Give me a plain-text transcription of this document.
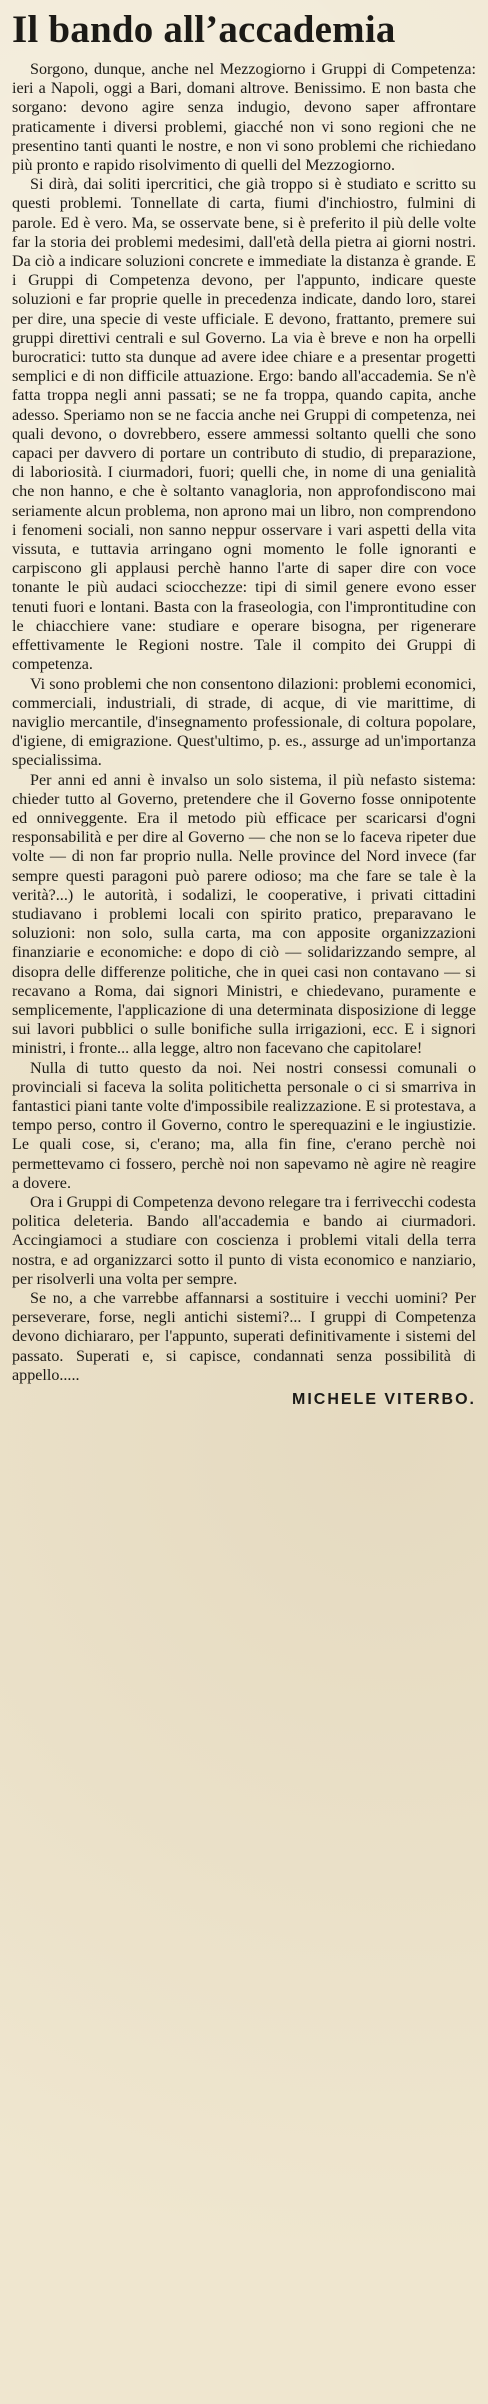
Il bando all’accademia

Sorgono, dunque, anche nel Mezzogiorno i Gruppi di Competenza: ieri a Napoli, oggi a Bari, domani altrove. Benissimo. E non basta che sorgano: devono agire senza indugio, devono saper affrontare praticamente i diversi problemi, giacché non vi sono regioni che ne presentino tanti quanti le nostre, e non vi sono problemi che richiedano più pronto e rapido risolvimento di quelli del Mezzogiorno.

Si dirà, dai soliti ipercritici, che già troppo si è studiato e scritto su questi problemi. Tonnellate di carta, fiumi d'inchiostro, fulmini di parole. Ed è vero. Ma, se osservate bene, si è preferito il più delle volte far la storia dei problemi medesimi, dall'età della pietra ai giorni nostri. Da ciò a indicare soluzioni concrete e immediate la distanza è grande. E i Gruppi di Competenza devono, per l'appunto, indicare queste soluzioni e far proprie quelle in precedenza indicate, dando loro, starei per dire, una specie di veste ufficiale. E devono, frattanto, premere sui gruppi direttivi centrali e sul Governo. La via è breve e non ha orpelli burocratici: tutto sta dunque ad avere idee chiare e a presentar progetti semplici e di non difficile attuazione. Ergo: bando all'accademia. Se n'è fatta troppa negli anni passati; se ne fa troppa, quando capita, anche adesso. Speriamo non se ne faccia anche nei Gruppi di competenza, nei quali devono, o dovrebbero, essere ammessi soltanto quelli che sono capaci per davvero di portare un contributo di studio, di preparazione, di laboriosità. I ciurmadori, fuori; quelli che, in nome di una genialità che non hanno, e che è soltanto vanagloria, non approfondiscono mai seriamente alcun problema, non aprono mai un libro, non comprendono i fenomeni sociali, non sanno neppur osservare i vari aspetti della vita vissuta, e tuttavia arringano ogni momento le folle ignoranti e carpiscono gli applausi perchè hanno l'arte di saper dire con voce tonante le più audaci sciocchezze: tipi di simil genere evono esser tenuti fuori e lontani. Basta con la fraseologia, con l'improntitudine con le chiacchiere vane: studiare e operare bisogna, per rigenerare effettivamente le Regioni nostre. Tale il compito dei Gruppi di competenza.

Vi sono problemi che non consentono dilazioni: problemi economici, commerciali, industriali, di strade, di acque, di vie marittime, di naviglio mercantile, d'insegnamento professionale, di coltura popolare, d'igiene, di emigrazione. Quest'ultimo, p. es., assurge ad un'importanza specialissima.

Per anni ed anni è invalso un solo sistema, il più nefasto sistema: chieder tutto al Governo, pretendere che il Governo fosse onnipotente ed onniveggente. Era il metodo più efficace per scaricarsi d'ogni responsabilità e per dire al Governo — che non se lo faceva ripeter due volte — di non far proprio nulla. Nelle province del Nord invece (far sempre questi paragoni può parere odioso; ma che fare se tale è la verità?...) le autorità, i sodalizi, le cooperative, i privati cittadini studiavano i problemi locali con spirito pratico, preparavano le soluzioni: non solo, sulla carta, ma con apposite organizzazioni finanziarie e economiche: e dopo di ciò — solidarizzando sempre, al disopra delle differenze politiche, che in quei casi non contavano — si recavano a Roma, dai signori Ministri, e chiedevano, puramente e semplicemente, l'applicazione di una determinata disposizione di legge sui lavori pubblici o sulle bonifiche sulla irrigazioni, ecc. E i signori ministri, i fronte... alla legge, altro non facevano che capitolare!

Nulla di tutto questo da noi. Nei nostri consessi comunali o provinciali si faceva la solita politichetta personale o ci si smarriva in fantastici piani tante volte d'impossibile realizzazione. E si protestava, a tempo perso, contro il Governo, contro le sperequazini e le ingiustizie. Le quali cose, si, c'erano; ma, alla fin fine, c'erano perchè noi permettevamo ci fossero, perchè noi non sapevamo nè agire nè reagire a dovere.

Ora i Gruppi di Competenza devono relegare tra i ferrivecchi codesta politica deleteria. Bando all'accademia e bando ai ciurmadori. Accingiamoci a studiare con coscienza i problemi vitali della terra nostra, e ad organizzarci sotto il punto di vista economico e nanziario, per risolverli una volta per sempre.

Se no, a che varrebbe affannarsi a sostituire i vecchi uomini? Per perseverare, forse, negli antichi sistemi?... I gruppi di Competenza devono dichiararo, per l'appunto, superati definitivamente i sistemi del passato. Superati e, si capisce, condannati senza possibilità di appello.....

MICHELE VITERBO.
